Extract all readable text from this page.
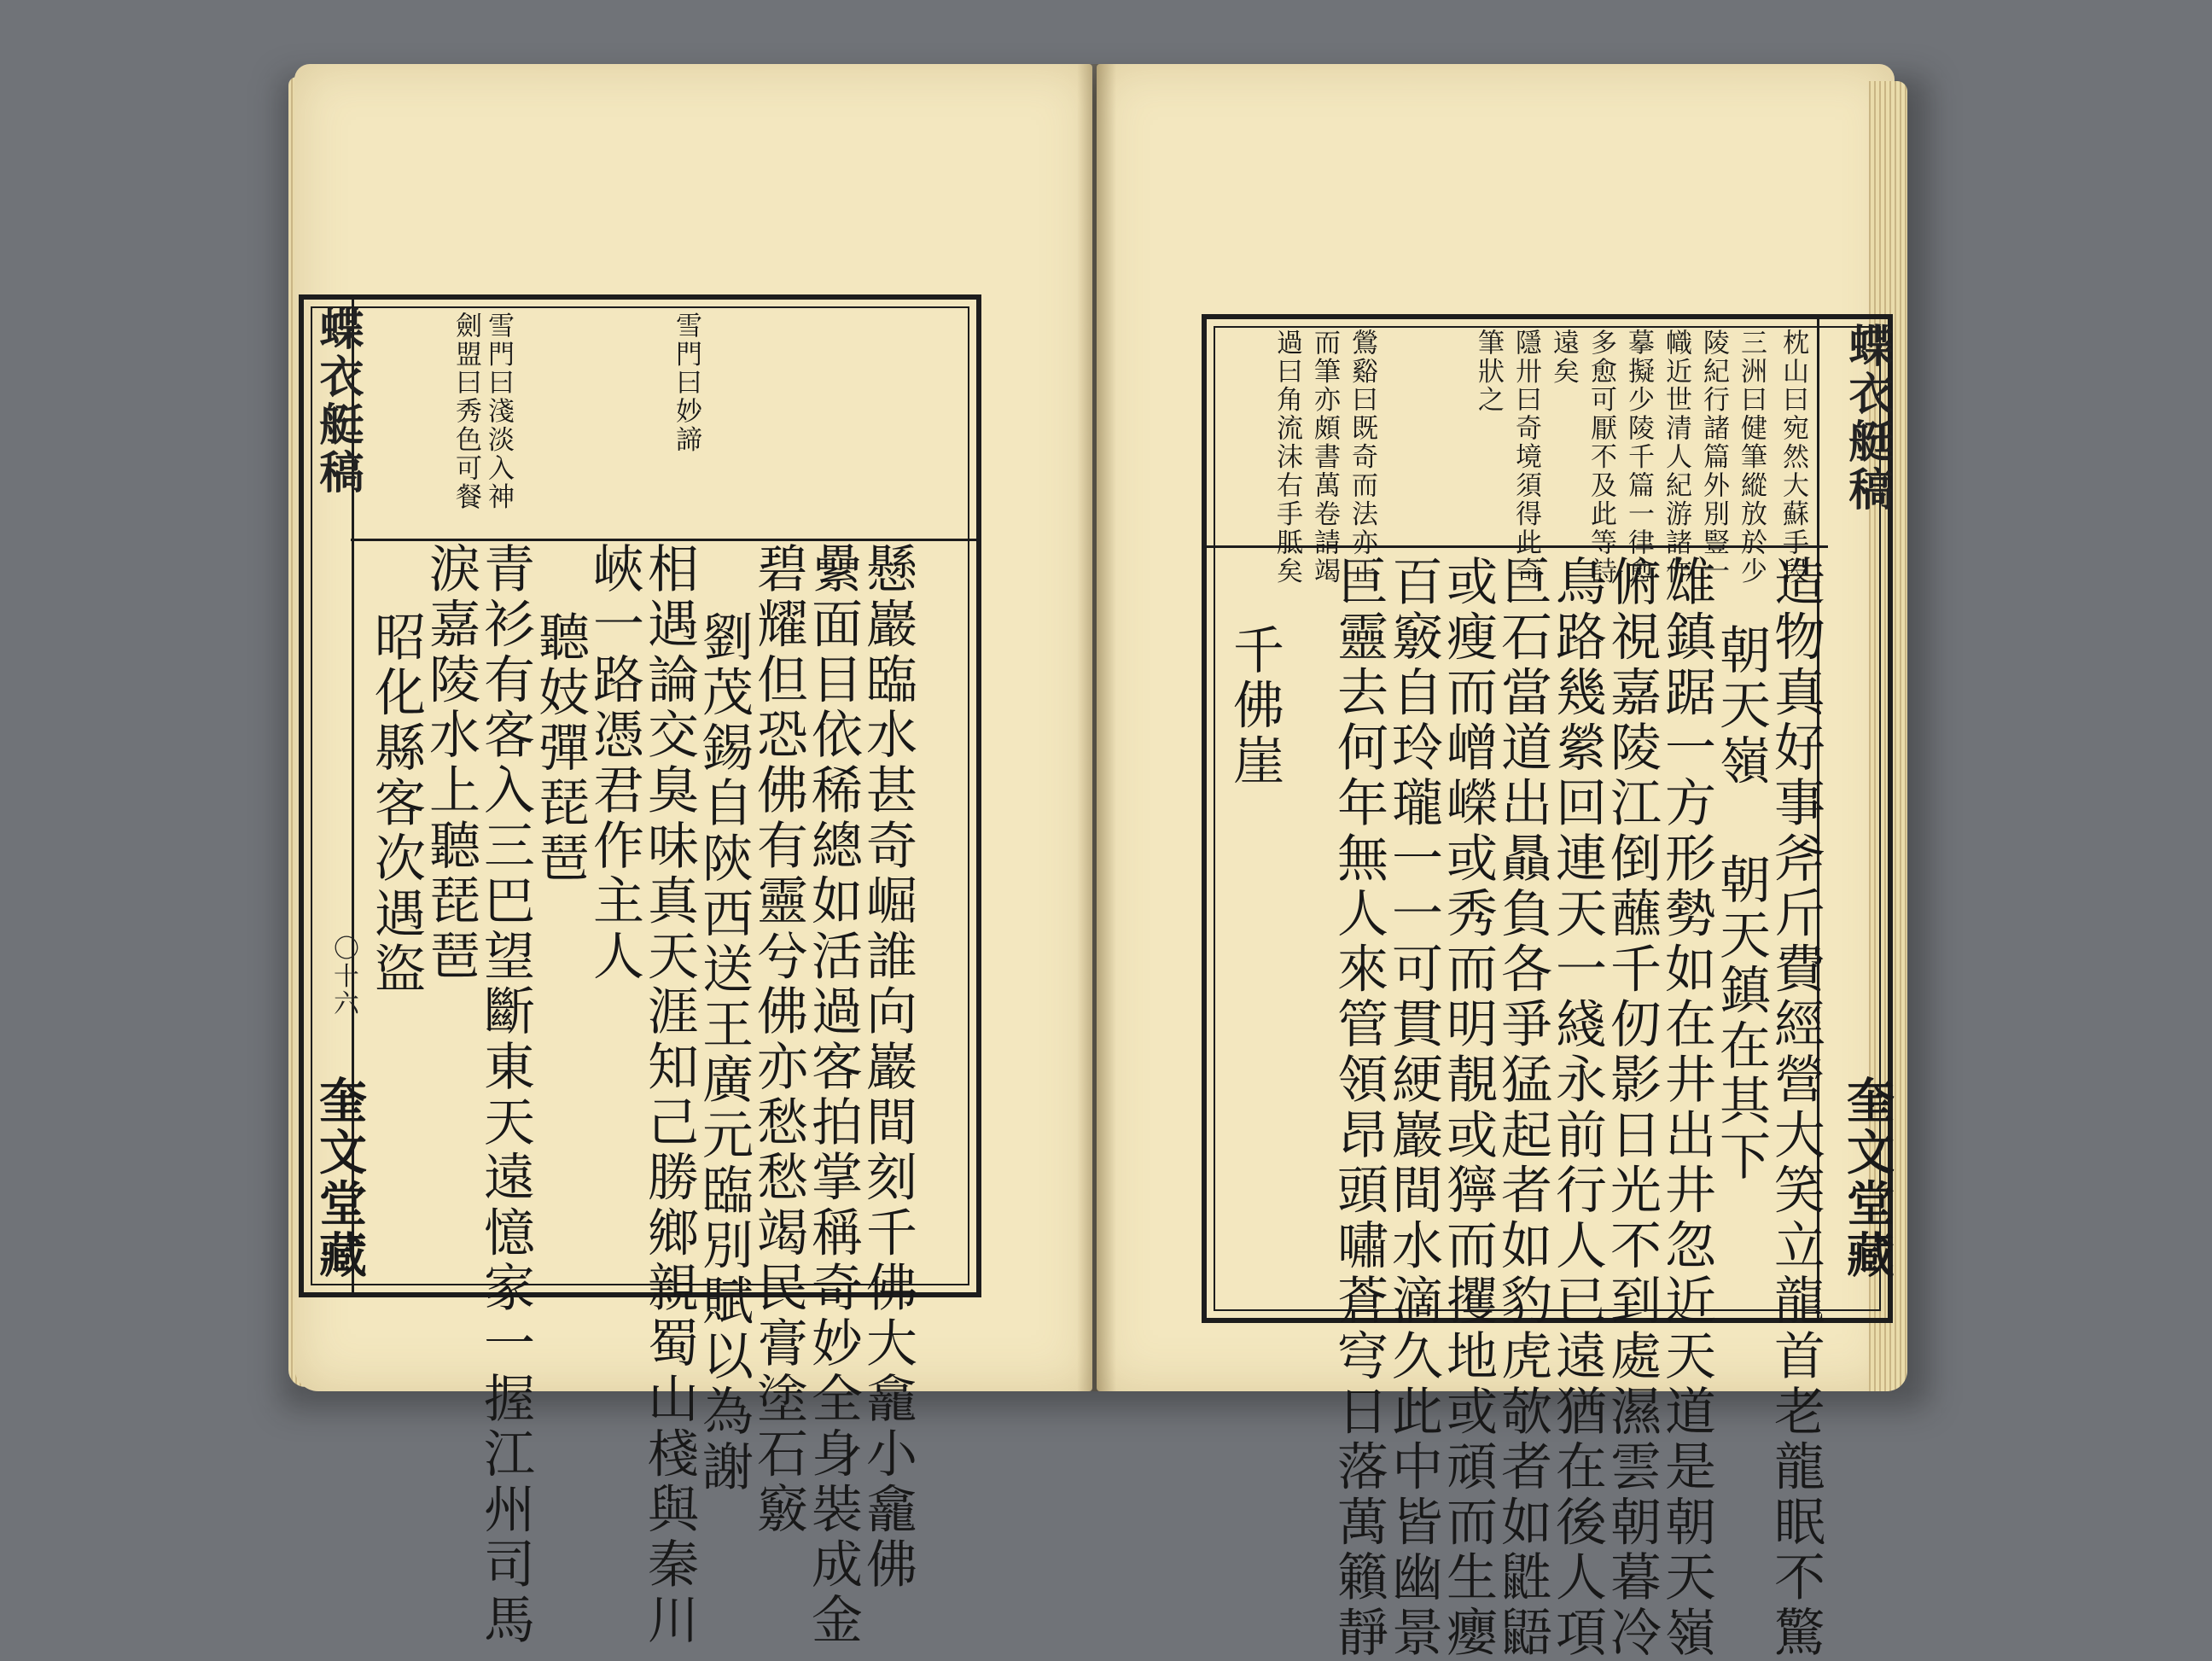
蝶衣艇稿
〇十六
奎文堂藏
雪門曰妙諦
雪門曰淺淡入神
劍盟曰秀色可餐
懸巖臨水甚奇崛誰向巖間刻千佛大龕小龕佛
纍面目依稀總如活過客拍掌稱奇妙全身裝成金
碧耀但恐佛有靈兮佛亦愁愁竭民膏塗石竅
劉茂錫自陝西送王廣元臨別賦以為謝
相遇論交臭味真天涯知己勝鄉親蜀山棧與秦川
峽一路憑君作主人
聽妓彈琵琶
青衫有客入三巴望斷東天遠憶家一握江州司馬
淚嘉陵水上聽琵琶
昭化縣客次遇盜
蝶衣艇稿
奎文堂藏
枕山曰宛然大蘇手段
三洲曰健筆縱放於少
陵紀行諸篇外別豎一
幟近世清人紀游諸作
摹擬少陵千篇一律愈
多愈可厭不及此等詩
遠矣
隱卅曰奇境須得此奇
筆狀之
鶯谿曰既奇而法亦正
而筆亦頗書萬卷請竭
過曰角流沫右手胝矣
造物真好事斧斤費經營大笑立龍首老龍眠不驚
朝天嶺 朝天鎮在其下
雄鎮踞一方形勢如在井出井忽近天道是朝天嶺
俯視嘉陵江倒蘸千仞影日光不到處濕雲朝暮冷
鳥路幾縈回連天一綫永前行人已遠猶在後人項
巨石當道出贔負各爭猛起者如豹虎欹者如鼪鼯
或瘦而嶒嶸或秀而明靚或獰而攫地或頑而生癭
百竅自玲瓏一一可貫綆巖間水滴久此中皆幽景
巨靈去何年無人來管領昂頭嘯蒼穹日落萬籟靜
千佛崖
